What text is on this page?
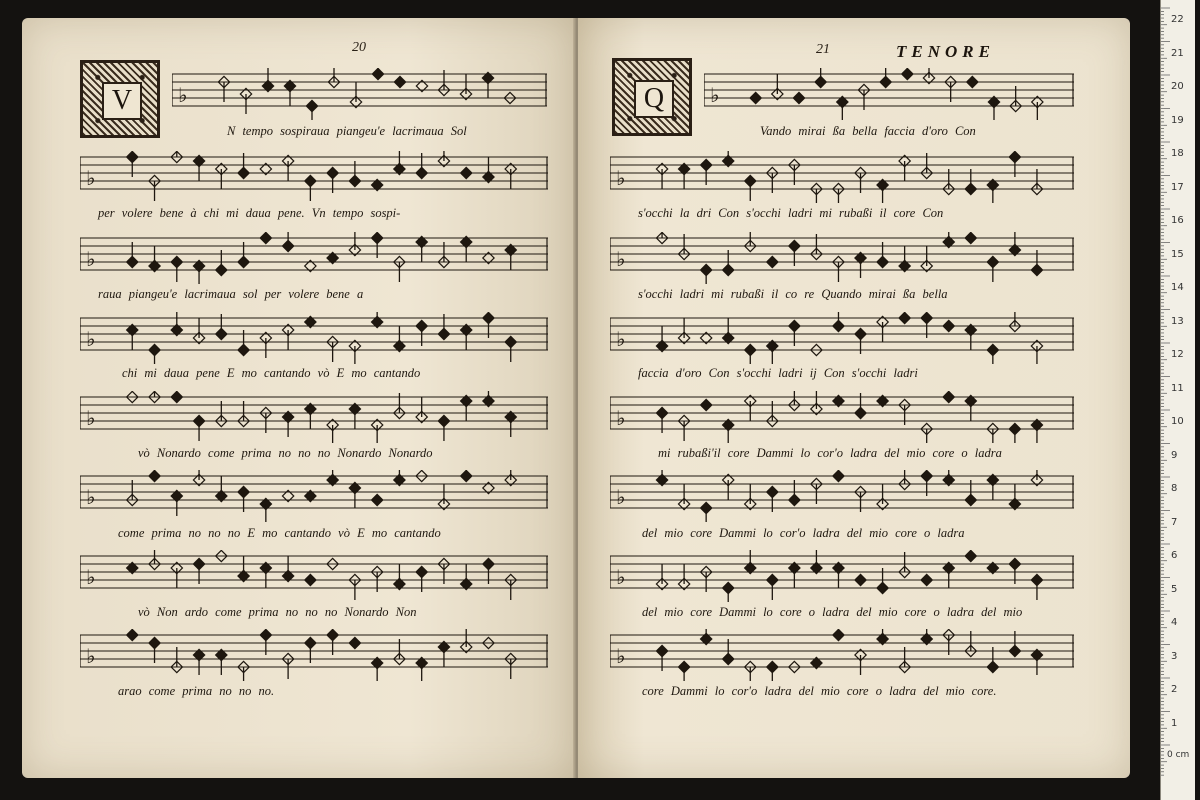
20
V	♭
N tempo sospiraua piangeu'e lacrimaua Sol
♭
per volere bene à chi mi daua pene. Vn tempo sospi-
♭
raua piangeu'e lacrimaua sol per volere bene a
♭
chi mi daua pene E mo cantando vò E mo cantando
♭
vò Nonardo come prima no no no Nonardo Nonardo
♭
come prima no no no E mo cantando vò E mo cantando
♭
vò Non ardo come prima no no no Nonardo Non
♭
arao come prima no no no.
21	TENORE
Q	♭
Vando mirai ßa bella faccia d'oro Con
♭
s'occhi la dri Con s'occhi ladri mi rubaßi il core Con
♭
s'occhi ladri mi rubaßi il co re Quando mirai ßa bella
♭
faccia d'oro Con s'occhi ladri ij Con s'occhi ladri
♭
mi rubaßi'il core Dammi lo cor'o ladra del mio core o ladra
♭
del mio core Dammi lo cor'o ladra del mio core o ladra
♭
del mio core Dammi lo core o ladra del mio core o ladra del mio
♭
core Dammi lo cor'o ladra del mio core o ladra del mio core.
0 cm
22
21
20
19
18
17
16
15
14
13
12
11
10
9
8
7
6
5
4
3
2
1
